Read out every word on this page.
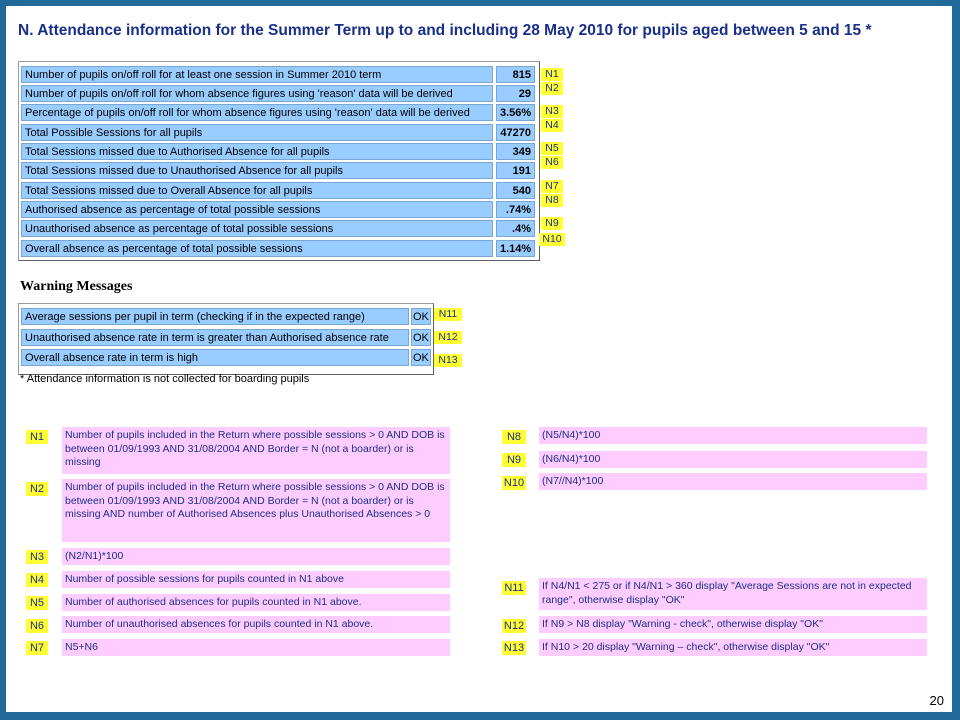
N. Attendance information for the Summer Term up to and including 28 May 2010 for pupils aged between 5 and 15 *
Number of pupils on/off roll for at least one session in Summer 2010 term	815
Number of pupils on/off roll for whom absence figures using 'reason' data will be derived	29
Percentage of pupils on/off roll for whom absence figures using 'reason' data will be derived	3.56%
Total Possible Sessions for all pupils	47270
Total Sessions missed due to Authorised Absence for all pupils	349
Total Sessions missed due to Unauthorised Absence for all pupils	191
Total Sessions missed due to Overall Absence for all pupils	540
Authorised absence as percentage of total possible sessions	.74%
Unauthorised absence as percentage of total possible sessions	.4%
Overall absence as percentage of total possible sessions	1.14%
N1
N2
N3
N4
N5
N6
N7
N8
N9
N10
Warning Messages
Average sessions per pupil in term (checking if in the expected range)	OK
Unauthorised absence rate in term is greater than Authorised absence rate	OK
Overall absence rate in term is high	OK
N11
N12
N13
* Attendance information is not collected for boarding pupils
N1	Number of pupils included in the Return where possible sessions > 0 AND DOB is between 01/09/1993 AND 31/08/2004 AND Border = N (not a boarder) or is missing
N2	Number of pupils included in the Return where possible sessions > 0 AND DOB is between 01/09/1993 AND 31/08/2004 AND Border = N (not a boarder) or is missing AND number of Authorised Absences plus Unauthorised Absences > 0
N3	(N2/N1)*100
N4	Number of possible sessions for pupils counted in N1 above
N5	Number of authorised absences for pupils counted in N1 above.
N6	Number of unauthorised absences for pupils counted in N1 above.
N7	N5+N6
N8	(N5/N4)*100
N9	(N6/N4)*100
N10 (N7//N4)*100
N11 If N4/N1 < 275 or if N4/N1 > 360 display "Average Sessions are not in expected range", otherwise display "OK"
N12 If N9 > N8 display "Warning - check", otherwise display "OK"
N13 If N10 > 20 display "Warning – check", otherwise display "OK"
20
